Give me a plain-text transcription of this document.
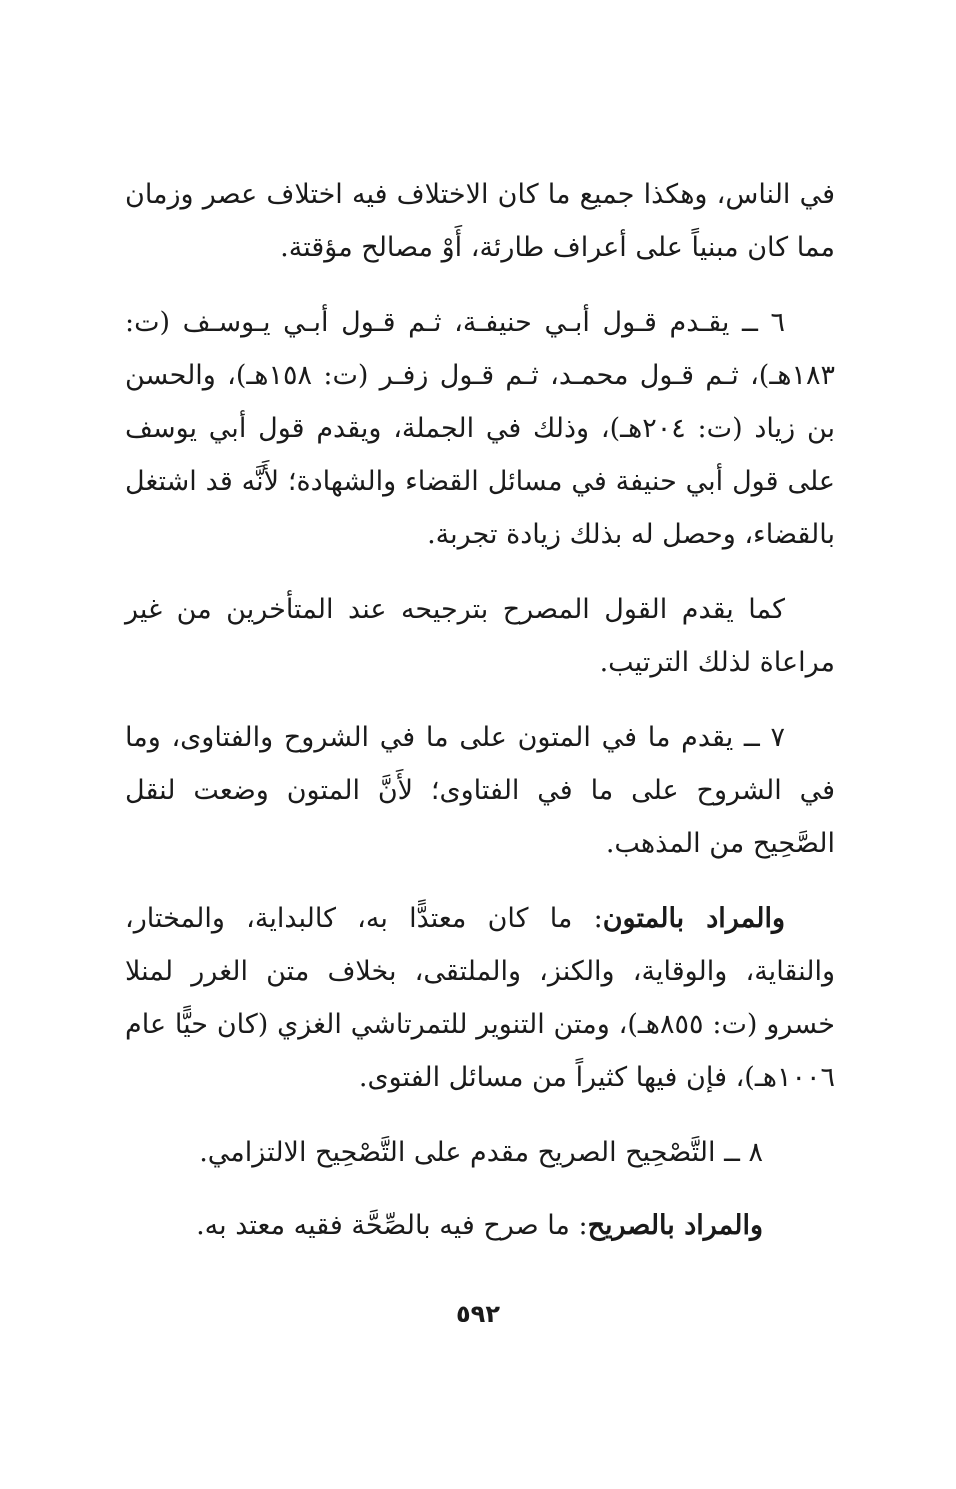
في الناس، وهكذا جميع ما كان الاختلاف فيه اختلاف عصر وزمان مما كان مبنياً على أعراف طارئة، أَوْ مصالح مؤقتة.

٦ ــ يقـدم قـول أبـي حنيفـة، ثـم قـول أبـي يـوسـف (ت: ١٨٣هـ)، ثـم قـول محمـد، ثـم قـول زفـر (ت: ١٥٨هـ)، والحسن بن زياد (ت: ٢٠٤هـ)، وذلك في الجملة، ويقدم قول أبي يوسف على قول أبي حنيفة في مسائل القضاء والشهادة؛ لأَنَّه قد اشتغل بالقضاء، وحصل له بذلك زيادة تجربة.

كما يقدم القول المصرح بترجيحه عند المتأخرين من غير مراعاة لذلك الترتيب.

٧ ــ يقدم ما في المتون على ما في الشروح والفتاوى، وما في الشروح على ما في الفتاوى؛ لأَنَّ المتون وضعت لنقل الصَّحِيح من المذهب.

والمراد بالمتون: ما كان معتدًّا به، كالبداية، والمختار، والنقاية، والوقاية، والكنز، والملتقى، بخلاف متن الغرر لمنلا خسرو (ت: ٨٥٥هـ)، ومتن التنوير للتمرتاشي الغزي (كان حيًّا عام ١٠٠٦هـ)، فإن فيها كثيراً من مسائل الفتوى.

٨ ــ التَّصْحِيح الصريح مقدم على التَّصْحِيح الالتزامي.

والمراد بالصريح: ما صرح فيه بالصِّحَّة فقيه معتد به.

٥٩٢
